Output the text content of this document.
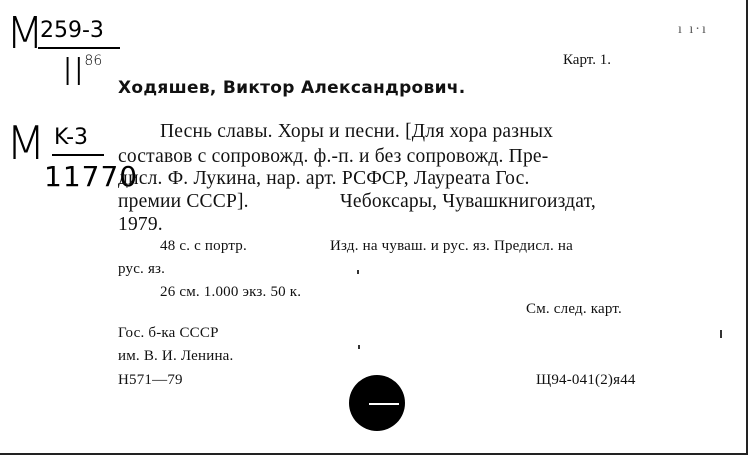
M
259-3
II$^{86}$
M K-3
11770
ı ı·ı
Карт. 1.
Ходяшев, Виктор Александрович.
Песнь славы. Хоры и песни. [Для хора разных
составов с сопровожд. ф.-п. и без сопровожд. Пре-
дисл. Ф. Лукина, нар. арт. РСФСР, Лауреата Гос.
премии СССР].	Чебоксары, Чувашкнигоиздат,
1979.
48 с. с портр.	Изд. на чуваш. и рус. яз. Предисл. на
рус. яз.
26 см. 1.000 экз. 50 к.
См. след. карт.
Гос. б-ка СССР
им. В. И. Ленина.
Н571—79	Щ94-041(2)я44
